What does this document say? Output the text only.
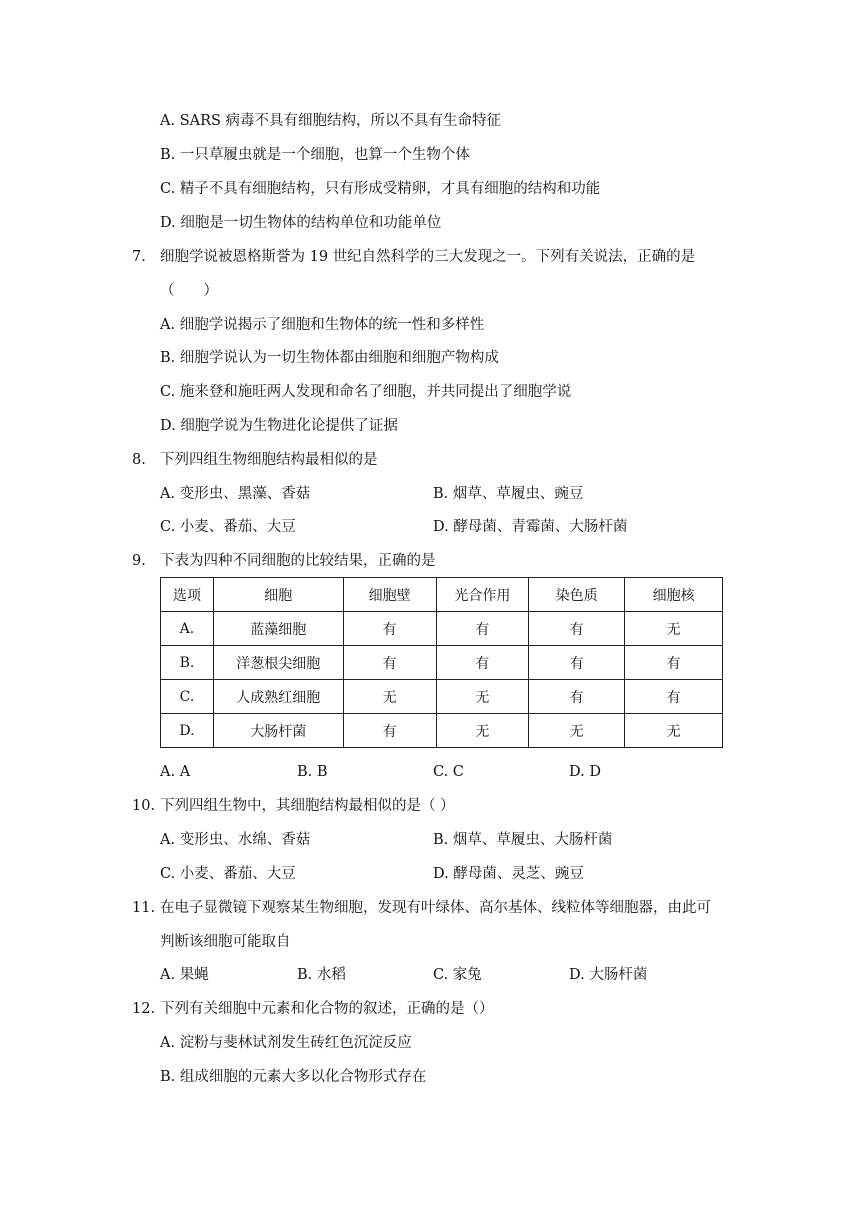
A. SARS 病毒不具有细胞结构，所以不具有生命特征
B. 一只草履虫就是一个细胞，也算一个生物个体
C. 精子不具有细胞结构，只有形成受精卵，才具有细胞的结构和功能
D. 细胞是一切生物体的结构单位和功能单位
7. 细胞学说被恩格斯誉为 19 世纪自然科学的三大发现之一。下列有关说法，正确的是
（　　）
A. 细胞学说揭示了细胞和生物体的统一性和多样性
B. 细胞学说认为一切生物体都由细胞和细胞产物构成
C. 施来登和施旺两人发现和命名了细胞，并共同提出了细胞学说
D. 细胞学说为生物进化论提供了证据
8. 下列四组生物细胞结构最相似的是
A. 变形虫、黑藻、香菇	B. 烟草、草履虫、豌豆
C. 小麦、番茄、大豆	D. 酵母菌、青霉菌、大肠杆菌
9. 下表为四种不同细胞的比较结果，正确的是
选项	细胞	细胞壁	光合作用	染色质	细胞核
A.	蓝藻细胞	有	有	有	无
B.	洋葱根尖细胞	有	有	有	有
C.	人成熟红细胞	无	无	有	有
D.	大肠杆菌	有	无	无	无
A. A	B. B	C. C	D. D
10. 下列四组生物中，其细胞结构最相似的是（ ）
A. 变形虫、水绵、香菇	B. 烟草、草履虫、大肠杆菌
C. 小麦、番茄、大豆	D. 酵母菌、灵芝、豌豆
11. 在电子显微镜下观察某生物细胞，发现有叶绿体、高尔基体、线粒体等细胞器，由此可
判断该细胞可能取自
A. 果蝇	B. 水稻	C. 家兔	D. 大肠杆菌
12. 下列有关细胞中元素和化合物的叙述，正确的是（）
A. 淀粉与斐林试剂发生砖红色沉淀反应
B. 组成细胞的元素大多以化合物形式存在
